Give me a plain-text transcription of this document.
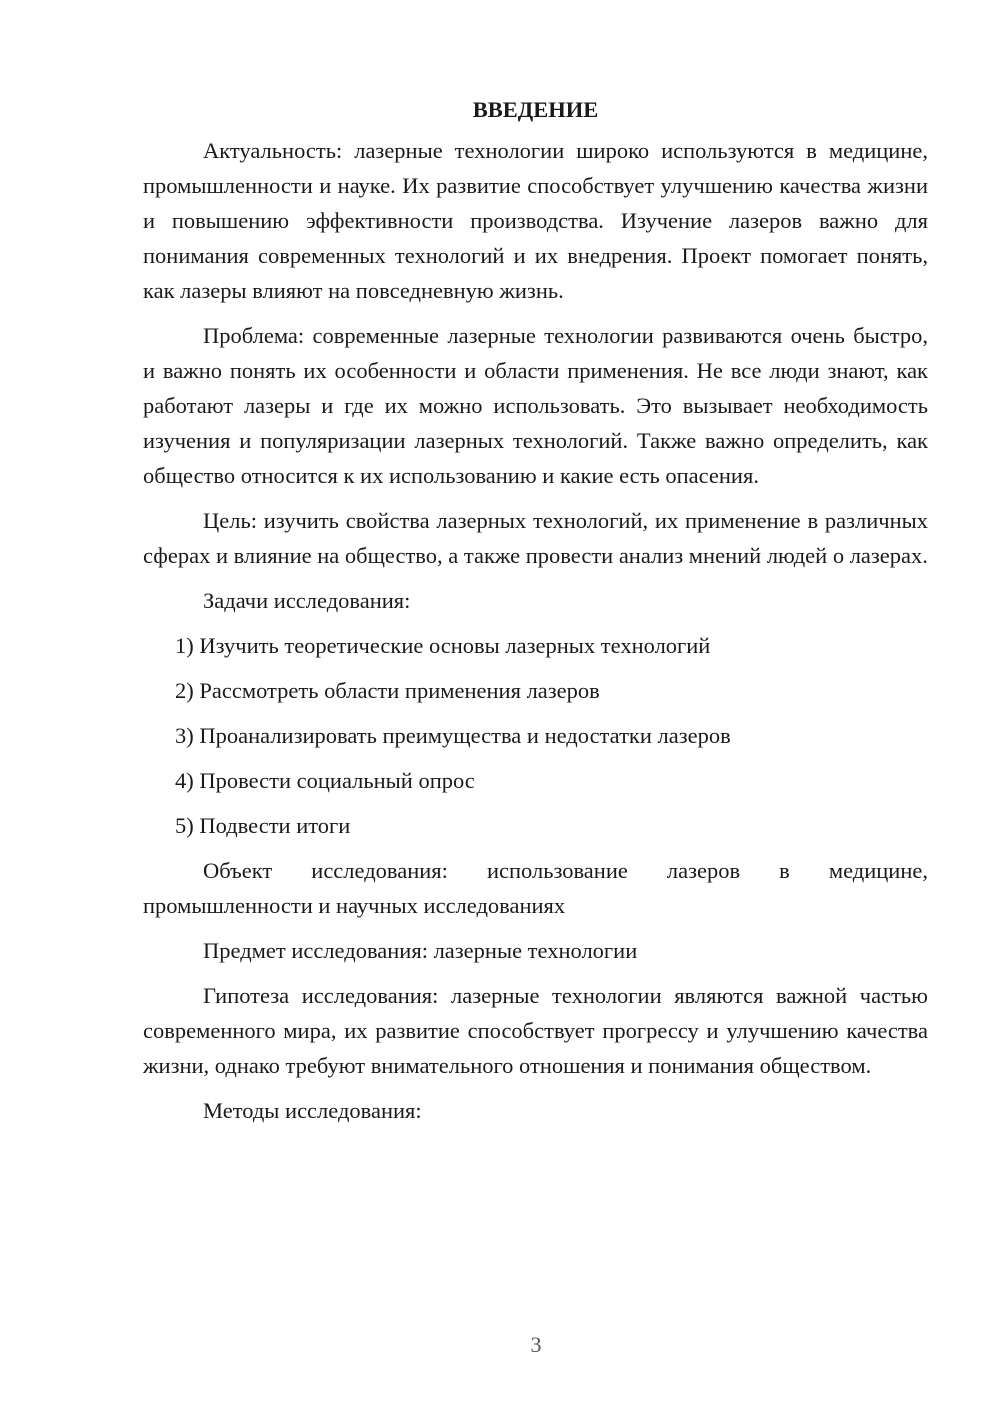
ВВЕДЕНИЕ

Актуальность: лазерные технологии широко используются в медицине, промышленности и науке. Их развитие способствует улучшению качества жизни и повышению эффективности производства. Изучение лазеров важно для понимания современных технологий и их внедрения. Проект помогает понять, как лазеры влияют на повседневную жизнь.

Проблема: современные лазерные технологии развиваются очень быстро, и важно понять их особенности и области применения. Не все люди знают, как работают лазеры и где их можно использовать. Это вызывает необходимость изучения и популяризации лазерных технологий. Также важно определить, как общество относится к их использованию и какие есть опасения.

Цель: изучить свойства лазерных технологий, их применение в различных сферах и влияние на общество, а также провести анализ мнений людей о лазерах.

Задачи исследования:

1) Изучить теоретические основы лазерных технологий

2) Рассмотреть области применения лазеров

3) Проанализировать преимущества и недостатки лазеров

4) Провести социальный опрос

5) Подвести итоги

Объект исследования: использование лазеров в медицине, промышленности и научных исследованиях

Предмет исследования: лазерные технологии

Гипотеза исследования: лазерные технологии являются важной частью современного мира, их развитие способствует прогрессу и улучшению качества жизни, однако требуют внимательного отношения и понимания обществом.

Методы исследования:

3
